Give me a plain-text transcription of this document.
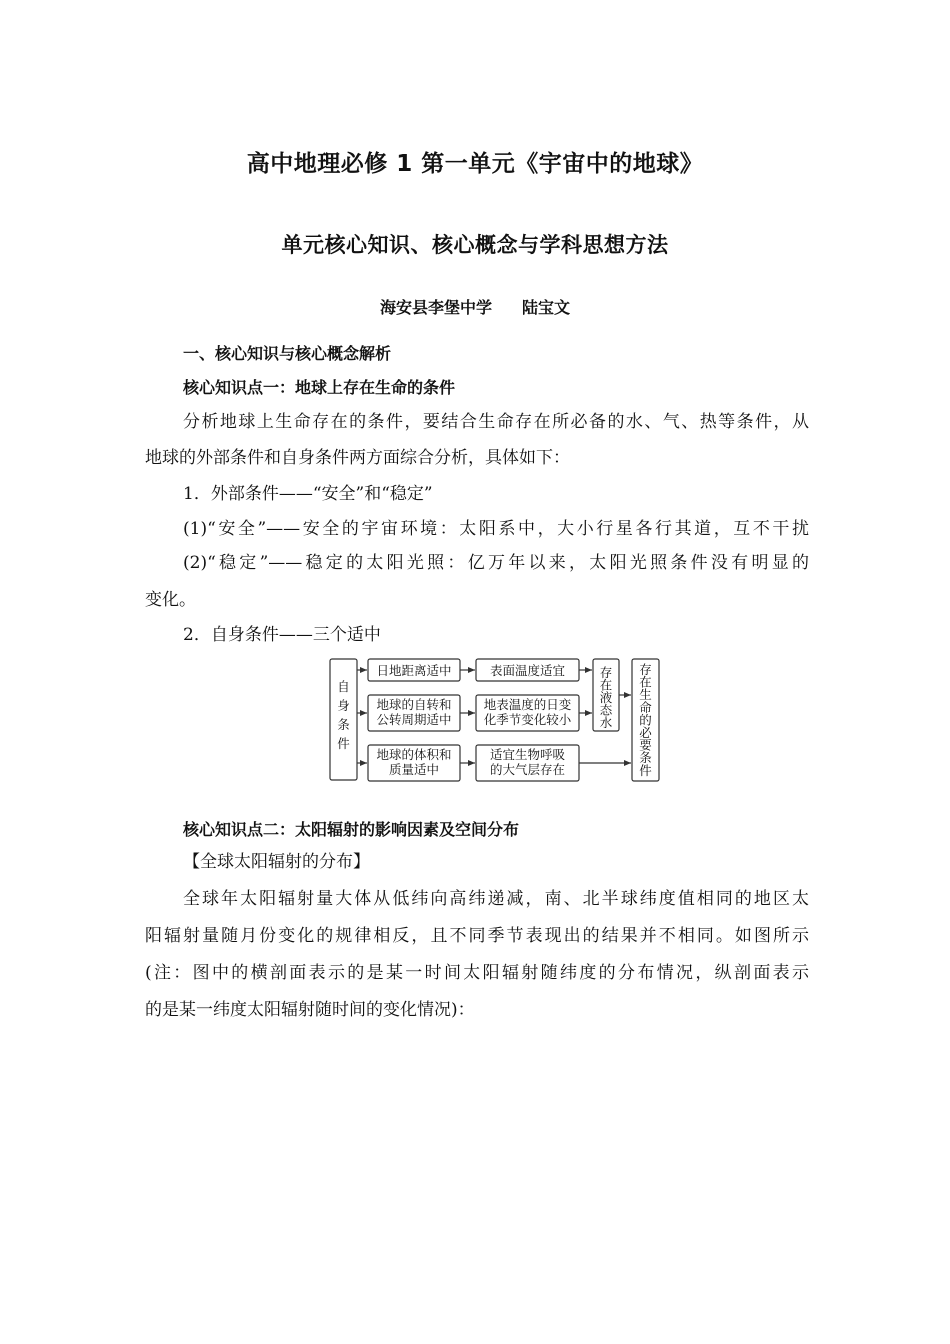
高中地理必修 1 第一单元《宇宙中的地球》
单元核心知识、核心概念与学科思想方法
海安县李堡中学 陆宝文
一、核心知识与核心概念解析
核心知识点一：地球上存在生命的条件
分析地球上生命存在的条件，要结合生命存在所必备的水、气、热等条件，从
地球的外部条件和自身条件两方面综合分析，具体如下：
1．外部条件——“安全”和“稳定”
(1)“安全”——安全的宇宙环境：太阳系中，大小行星各行其道，互不干扰
(2)“稳定”——稳定的太阳光照：亿万年以来，太阳光照条件没有明显的
变化。
2．自身条件——三个适中
自
身
条
件
日地距离适中
地球的自转和
公转周期适中
地球的体积和
质量适中
表面温度适宜
地表温度的日变
化季节变化较小
适宜生物呼吸
的大气层存在
存
在
液
态
水
存
在
生
命
的
必
要
条
件
核心知识点二：太阳辐射的影响因素及空间分布
【全球太阳辐射的分布】
全球年太阳辐射量大体从低纬向高纬递减，南、北半球纬度值相同的地区太
阳辐射量随月份变化的规律相反，且不同季节表现出的结果并不相同。如图所示
(注：图中的横剖面表示的是某一时间太阳辐射随纬度的分布情况，纵剖面表示
的是某一纬度太阳辐射随时间的变化情况)：
